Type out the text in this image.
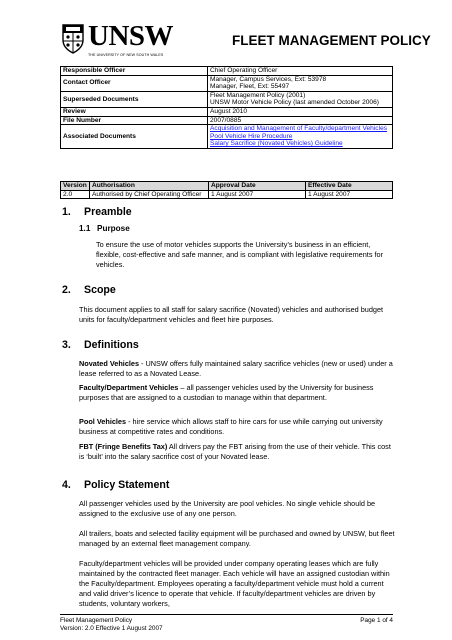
UNSW
THE UNIVERSITY OF NEW SOUTH WALES
FLEET MANAGEMENT POLICY
Responsible Officer	Chief Operating Officer
Contact Officer	Manager, Campus Services, Ext: 53978
Manager, Fleet, Ext: 55497

Superseded Documents	Fleet Management Policy (2001)
UNSW Motor Vehicle Policy (last amended October 2006)

Review	August 2010
File Number	2007/0885
Associated Documents	Acquisition and Management of Faculty/department Vehicles
Pool Vehicle Hire Procedure
Salary Sacrifice (Novated Vehicles) Guideline
Version	Authorisation	Approval Date	Effective Date
2.0	Authorised by Chief Operating Officer	1 August 2007	1 August 2007
1. Preamble
1.1 Purpose
To ensure the use of motor vehicles supports the University’s business in an efficient, flexible, cost-effective and safe manner, and is compliant with legislative requirements for vehicles.
2. Scope
This document applies to all staff for salary sacrifice (Novated) vehicles and authorised budget units for faculty/department vehicles and fleet hire purposes.
3. Definitions
Novated Vehicles - UNSW offers fully maintained salary sacrifice vehicles (new or used) under a lease referred to as a Novated Lease.
Faculty/Department Vehicles – all passenger vehicles used by the University for business purposes that are assigned to a custodian to manage within that department.
Pool Vehicles - hire service which allows staff to hire cars for use while carrying out university business at competitive rates and conditions.
FBT (Fringe Benefits Tax) All drivers pay the FBT arising from the use of their vehicle. This cost is ‘built’ into the salary sacrifice cost of your Novated lease.
4. Policy Statement
All passenger vehicles used by the University are pool vehicles. No single vehicle should be assigned to the exclusive use of any one person.
All trailers, boats and selected facility equipment will be purchased and owned by UNSW, but fleet managed by an external fleet management company.
Faculty/department vehicles will be provided under company operating leases which are fully maintained by the contracted fleet manager. Each vehicle will have an assigned custodian within the Faculty/department. Employees operating a faculty/department vehicle must hold a current and valid driver’s licence to operate that vehicle. If faculty/department vehicles are driven by students, voluntary workers,
Fleet Management Policy
Version: 2.0 Effective 1 August 2007
Page 1 of 4
